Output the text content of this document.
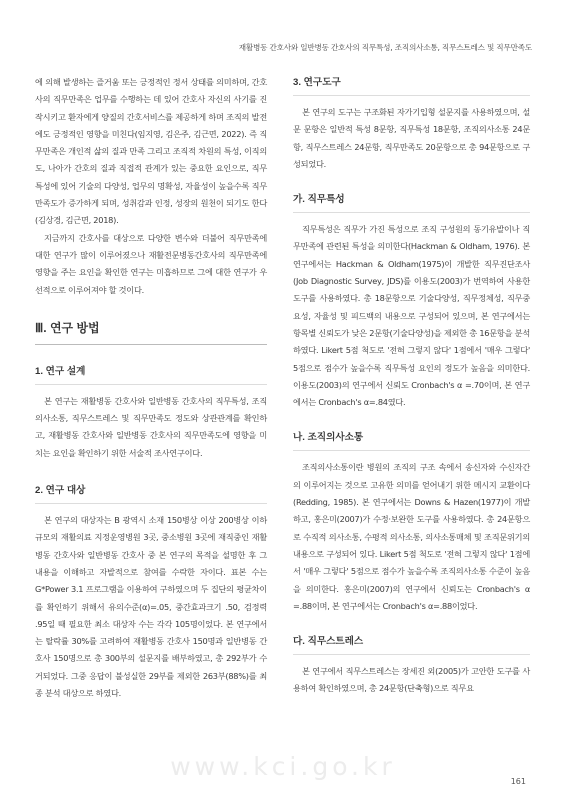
재활병동 간호사와 일반병동 간호사의 직무특성, 조직의사소통, 직무스트레스 및 직무만족도

에 의해 발생하는 즐거움 또는 긍정적인 정서 상태를 의미하며, 간호사의 직무만족은 업무를 수행하는 데 있어 간호사 자신의 사기를 진작시키고 환자에게 양질의 간호서비스를 제공하게 하며 조직의 발전에도 긍정적인 영향을 미친다(임지영, 김은주, 김근면, 2022). 즉 직무만족은 개인적 삶의 질과 만족 그리고 조직적 차원의 특성, 이직의도, 나아가 간호의 질과 직접적 관계가 있는 중요한 요인으로, 직무특성에 있어 기술의 다양성, 업무의 명확성, 자율성이 높을수록 직무만족도가 증가하게 되며, 성취감과 인정, 성장의 원천이 되기도 한다(김상경, 김근면, 2018).

지금까지 간호사를 대상으로 다양한 변수와 더불어 직무만족에 대한 연구가 많이 이루어졌으나 재활전문병동간호사의 직무만족에 영향을 주는 요인을 확인한 연구는 미흡하므로 그에 대한 연구가 우선적으로 이루어져야 할 것이다.

Ⅲ. 연구 방법
1. 연구 설계

본 연구는 재활병동 간호사와 일반병동 간호사의 직무특성, 조직의사소통, 직무스트레스 및 직무만족도 정도와 상관관계를 확인하고, 재활병동 간호사와 일반병동 간호사의 직무만족도에 영향을 미치는 요인을 확인하기 위한 서술적 조사연구이다.

2. 연구 대상

본 연구의 대상자는 B 광역시 소재 150병상 이상 200병상 이하 규모의 재활의료 지정운영병원 3곳, 중소병원 3곳에 재직중인 재활병동 간호사와 일반병동 간호사 중 본 연구의 목적을 설명한 후 그 내용을 이해하고 자발적으로 참여를 수락한 자이다. 표본 수는 G*Power 3.1 프로그램을 이용하여 구하였으며 두 집단의 평균차이를 확인하기 위해서 유의수준(α)=.05, 중간효과크기 .50, 검정력 .95일 때 필요한 최소 대상자 수는 각각 105명이었다. 본 연구에서는 탈락률 30%를 고려하여 재활병동 간호사 150명과 일반병동 간호사 150명으로 총 300부의 설문지를 배부하였고, 총 292부가 수거되었다. 그중 응답이 불성실한 29부를 제외한 263부(88%)를 최종 분석 대상으로 하였다.

3. 연구도구

본 연구의 도구는 구조화된 자가기입형 설문지를 사용하였으며, 설문 문항은 일반적 특성 8문항, 직무특성 18문항, 조직의사소통 24문항, 직무스트레스 24문항, 직무만족도 20문항으로 총 94문항으로 구성되었다.

가. 직무특성

직무특성은 직무가 가진 특성으로 조직 구성원의 동기유발이나 직무만족에 관련된 특성을 의미한다(Hackman & Oldham, 1976). 본 연구에서는 Hackman & Oldham(1975)이 개발한 직무진단조사(Job Diagnostic Survey, JDS)를 이용도(2003)가 번역하여 사용한 도구를 사용하였다. 총 18문항으로 기술다양성, 직무정체성, 직무중요성, 자율성 및 피드백의 내용으로 구성되어 있으며, 본 연구에서는 항목별 신뢰도가 낮은 2문항(기술다양성)을 제외한 총 16문항을 분석하였다. Likert 5점 척도로 '전혀 그렇지 않다' 1점에서 '매우 그렇다' 5점으로 점수가 높을수록 직무특성 요인의 정도가 높음을 의미한다. 이용도(2003)의 연구에서 신뢰도 Cronbach's α =.70이며, 본 연구에서는 Cronbach's α=.84였다.

나. 조직의사소통

조직의사소통이란 병원의 조직의 구조 속에서 송신자와 수신자간의 이루어지는 것으로 고유한 의미를 얻어내기 위한 메시지 교환이다(Redding, 1985). 본 연구에서는 Downs & Hazen(1977)이 개발하고, 홍은미(2007)가 수정·보완한 도구를 사용하였다. 총 24문항으로 수직적 의사소통, 수평적 의사소통, 의사소통매체 및 조직문위기의 내용으로 구성되어 있다. Likert 5점 척도로 '전혀 그렇지 않다' 1점에서 '매우 그렇다' 5점으로 점수가 높을수록 조직의사소통 수준이 높음을 의미한다. 홍은미(2007)의 연구에서 신뢰도는 Cronbach's α =.88이며, 본 연구에서는 Cronbach's α=.88이었다.

다. 직무스트레스

본 연구에서 직무스트레스는 장세진 외(2005)가 고안한 도구를 사용하여 확인하였으며, 총 24문항(단축형)으로 직무요

www.kci.go.kr
161
